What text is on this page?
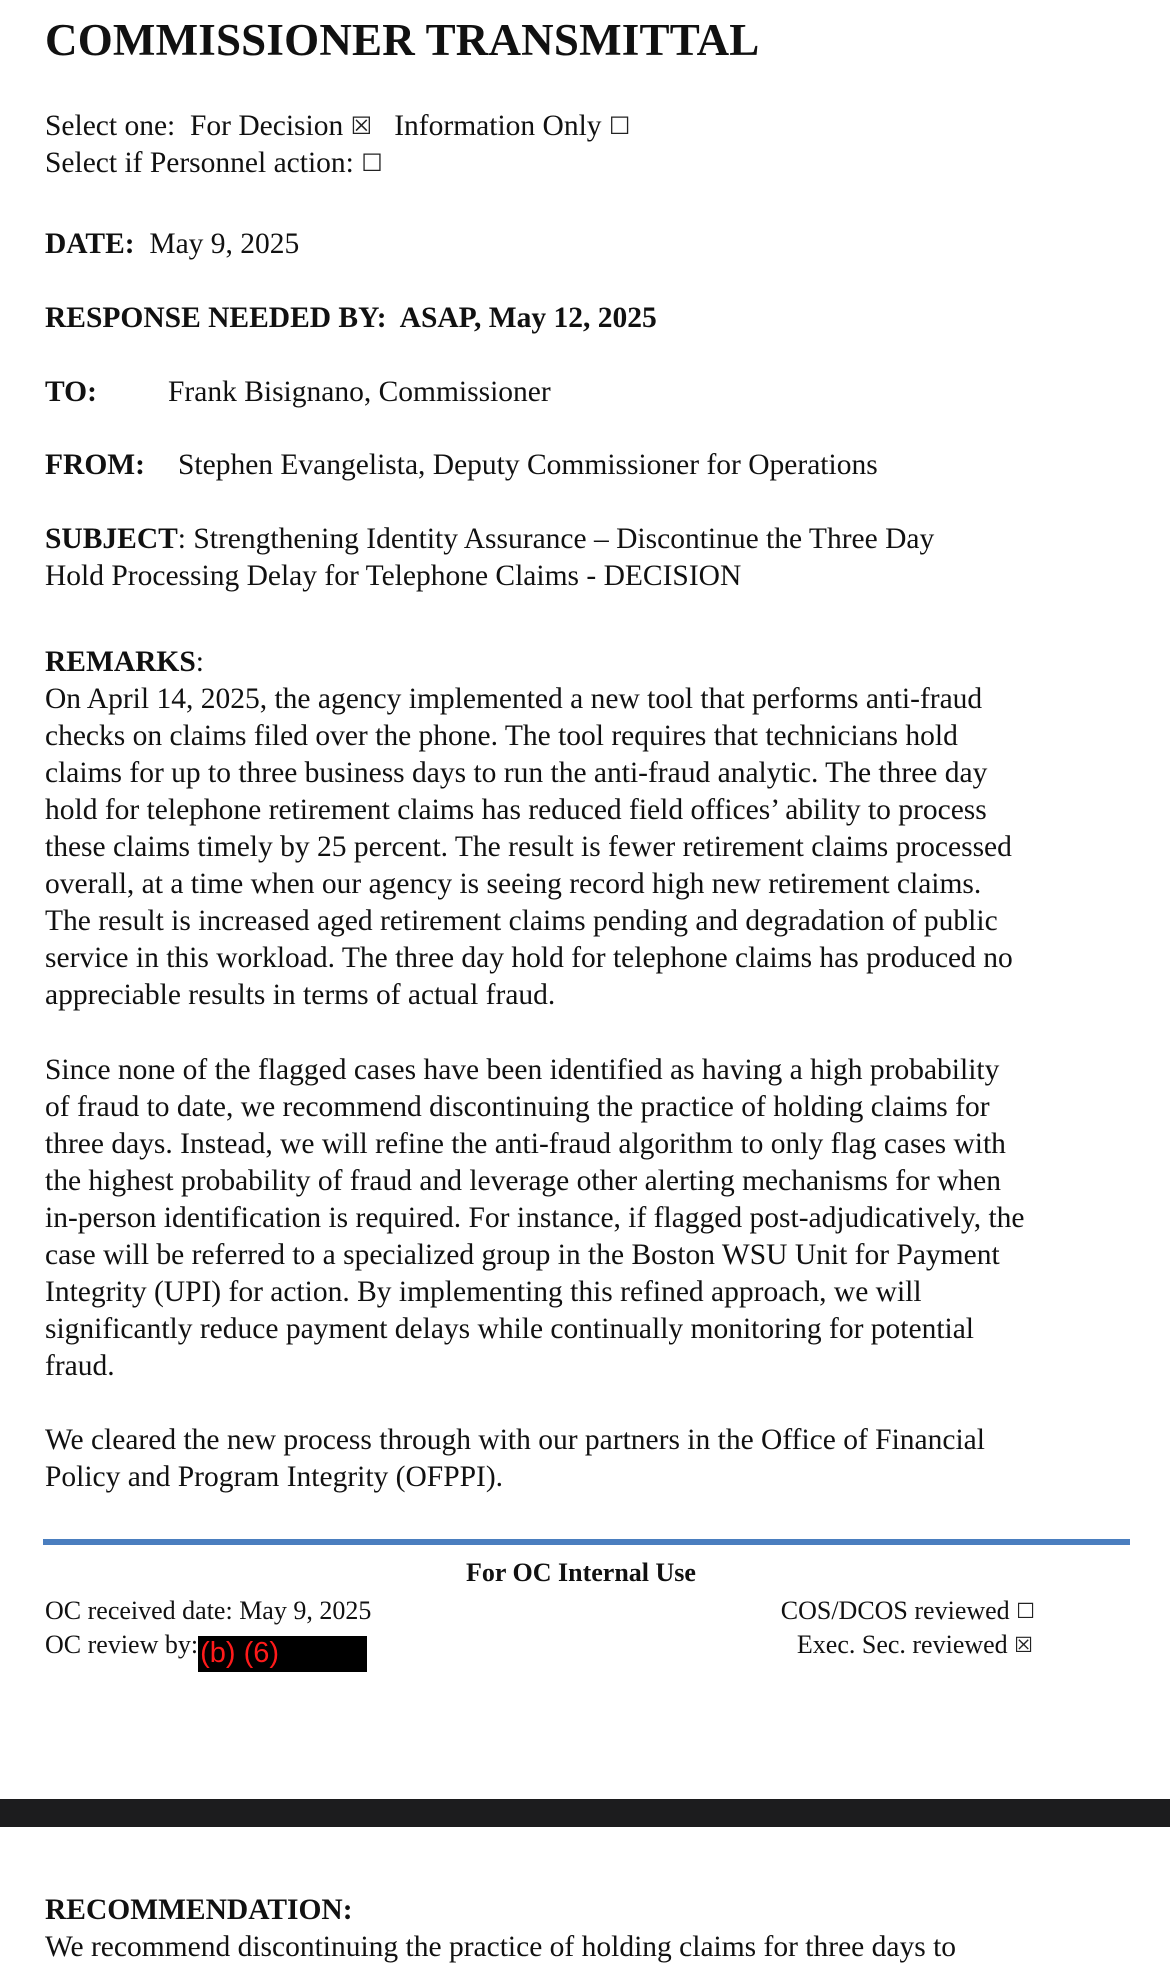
COMMISSIONER TRANSMITTAL
Select one: For Decision ☒ Information Only ☐
Select if Personnel action: ☐
DATE: May 9, 2025
RESPONSE NEEDED BY: ASAP, May 12, 2025
TO: Frank Bisignano, Commissioner
FROM: Stephen Evangelista, Deputy Commissioner for Operations
SUBJECT: Strengthening Identity Assurance – Discontinue the Three Day
Hold Processing Delay for Telephone Claims - DECISION
REMARKS:
On April 14, 2025, the agency implemented a new tool that performs anti-fraud
checks on claims filed over the phone. The tool requires that technicians hold
claims for up to three business days to run the anti-fraud analytic. The three day
hold for telephone retirement claims has reduced field offices’ ability to process
these claims timely by 25 percent. The result is fewer retirement claims processed
overall, at a time when our agency is seeing record high new retirement claims.
The result is increased aged retirement claims pending and degradation of public
service in this workload. The three day hold for telephone claims has produced no
appreciable results in terms of actual fraud.
Since none of the flagged cases have been identified as having a high probability
of fraud to date, we recommend discontinuing the practice of holding claims for
three days. Instead, we will refine the anti-fraud algorithm to only flag cases with
the highest probability of fraud and leverage other alerting mechanisms for when
in-person identification is required. For instance, if flagged post-adjudicatively, the
case will be referred to a specialized group in the Boston WSU Unit for Payment
Integrity (UPI) for action. By implementing this refined approach, we will
significantly reduce payment delays while continually monitoring for potential
fraud.
We cleared the new process through with our partners in the Office of Financial
Policy and Program Integrity (OFPPI).
For OC Internal Use
OC received date: May 9, 2025
OC review by:(b) (6)
COS/DCOS reviewed ☐
Exec. Sec. reviewed ☒
RECOMMENDATION:
We recommend discontinuing the practice of holding claims for three days to
